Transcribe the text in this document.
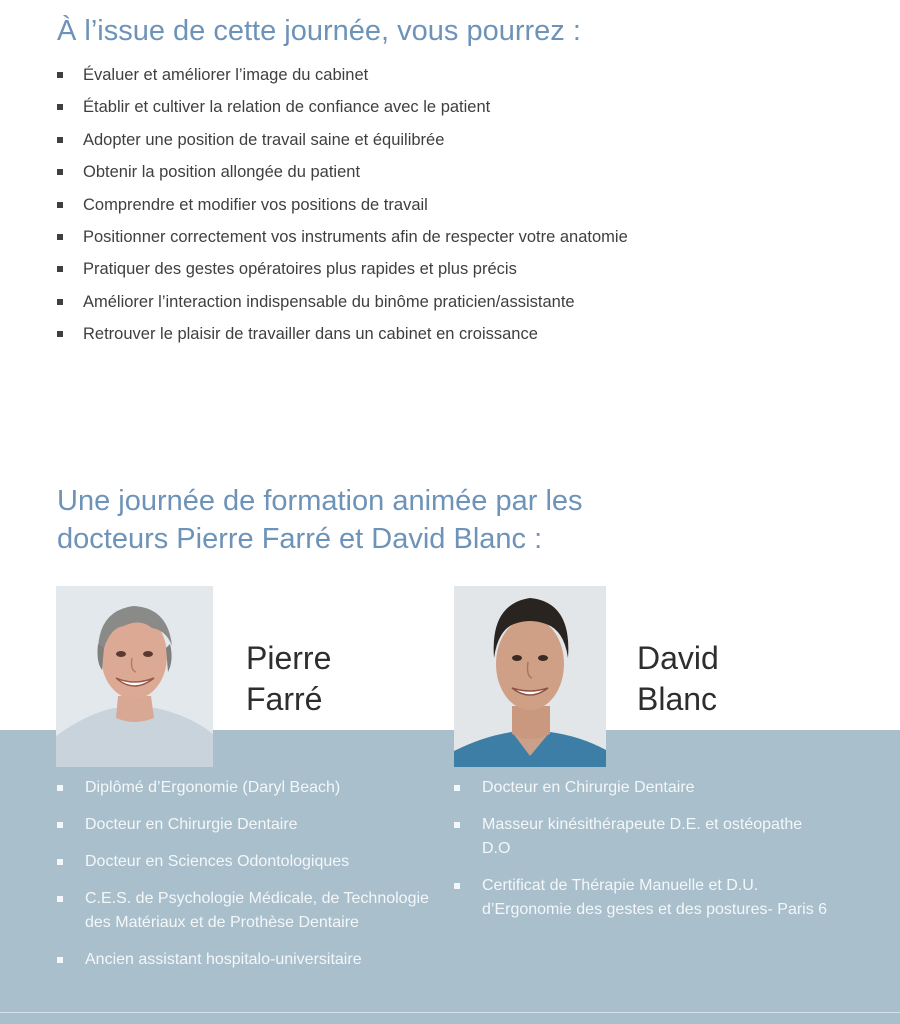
À l’issue de cette journée, vous pourrez :
Évaluer et améliorer l’image du cabinet
Établir et cultiver la relation de confiance avec le patient
Adopter une position de travail saine et équilibrée
Obtenir la position allongée du patient
Comprendre et modifier vos positions de travail
Positionner correctement vos instruments afin de respecter votre anatomie
Pratiquer des gestes opératoires plus rapides et plus précis
Améliorer l’interaction indispensable du binôme praticien/assistante
Retrouver le plaisir de travailler dans un cabinet en croissance
Une journée de formation animée par les
docteurs Pierre Farré et David Blanc :
Pierre
Farré
David
Blanc
Diplômé d’Ergonomie (Daryl Beach)
Docteur en Chirurgie Dentaire
Docteur en Sciences Odontologiques
C.E.S. de Psychologie Médicale, de Technologie des Matériaux et de Prothèse Dentaire
Ancien assistant hospitalo-universitaire
Docteur en Chirurgie Dentaire
Masseur kinésithérapeute D.E. et ostéopathe D.O
Certificat de Thérapie Manuelle et D.U. d’Ergonomie des gestes et des postures- Paris 6
